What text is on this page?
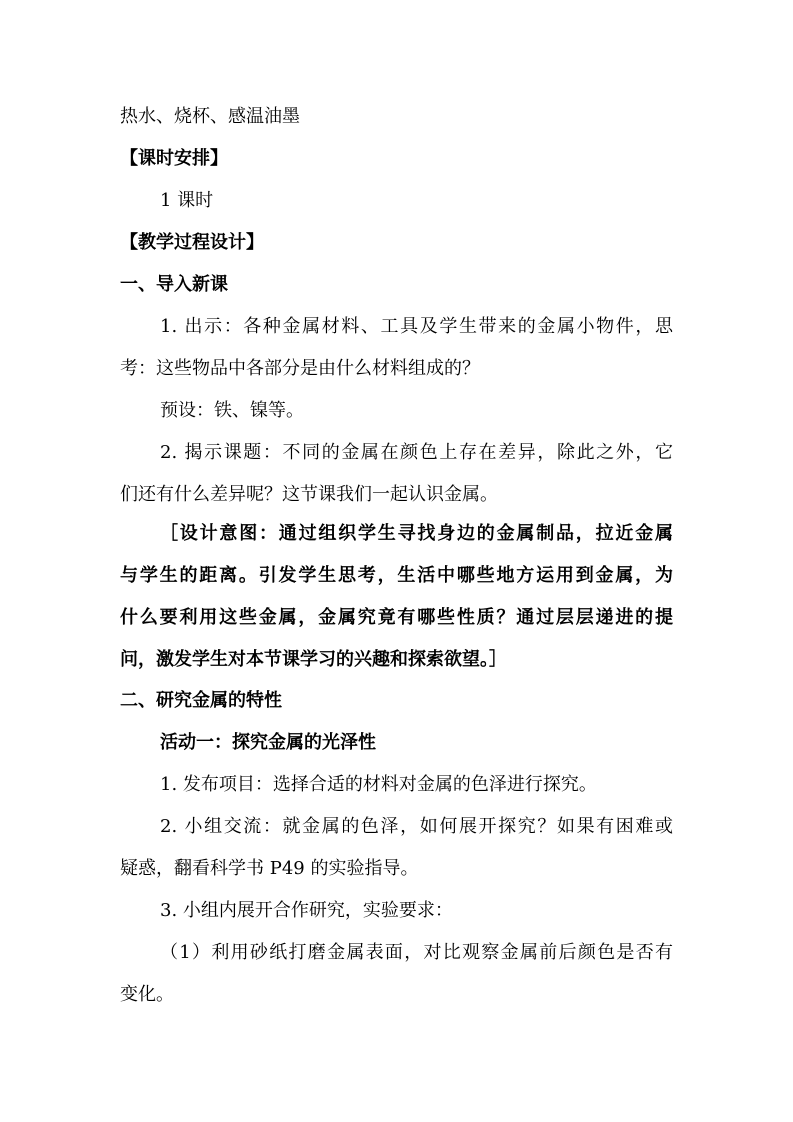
热水、烧杯、感温油墨
【课时安排】
1 课时
【教学过程设计】
一、导入新课
1. 出示：各种金属材料、工具及学生带来的金属小物件，思
考：这些物品中各部分是由什么材料组成的？
预设：铁、镍等。
2. 揭示课题：不同的金属在颜色上存在差异，除此之外，它
们还有什么差异呢？这节课我们一起认识金属。
［设计意图：通过组织学生寻找身边的金属制品，拉近金属
与学生的距离。引发学生思考，生活中哪些地方运用到金属，为
什么要利用这些金属，金属究竟有哪些性质？通过层层递进的提
问，激发学生对本节课学习的兴趣和探索欲望。］
二、研究金属的特性
活动一：探究金属的光泽性
1. 发布项目：选择合适的材料对金属的色泽进行探究。
2. 小组交流：就金属的色泽，如何展开探究？如果有困难或
疑惑，翻看科学书 P49 的实验指导。
3. 小组内展开合作研究，实验要求：
（1）利用砂纸打磨金属表面，对比观察金属前后颜色是否有
变化。
